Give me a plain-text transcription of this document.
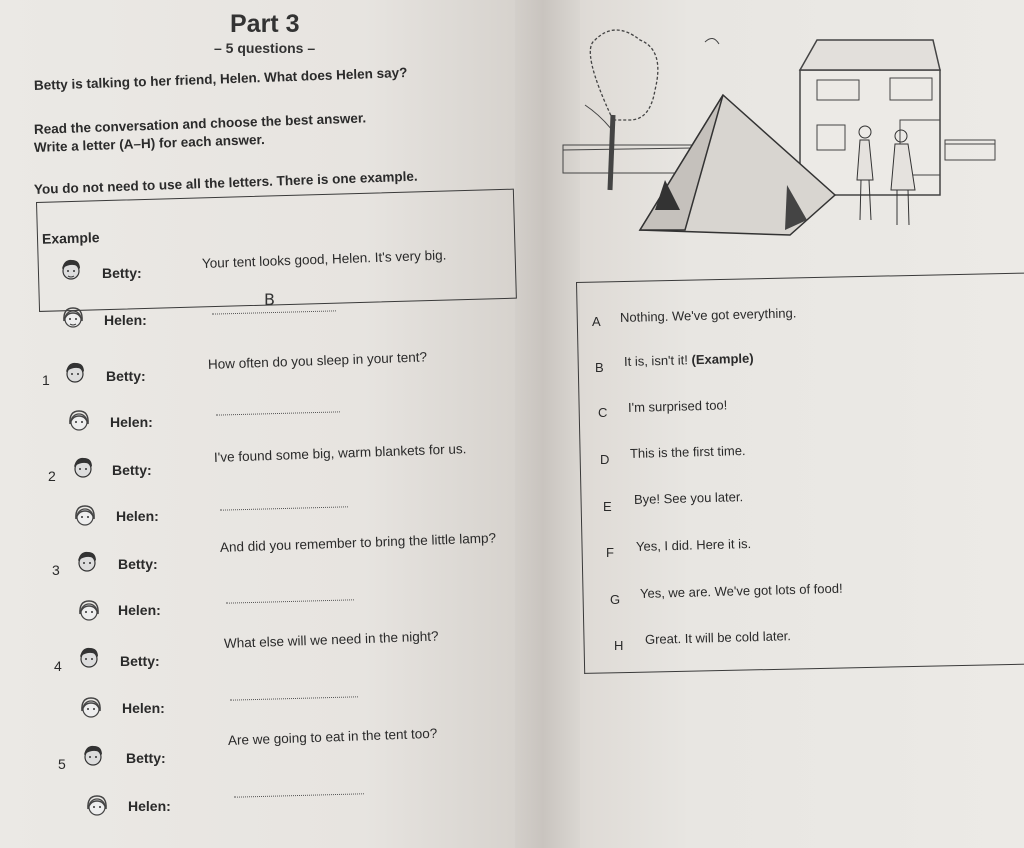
Part 3
– 5 questions –
Betty is talking to her friend, Helen. What does Helen say?
Read the conversation and choose the best answer.
Write a letter (A–H) for each answer.
You do not need to use all the letters. There is one example.
Example
Betty:
Your tent looks good, Helen. It's very big.
Helen:
B
1	Betty:
How often do you sleep in your tent?
Helen:
2	Betty:
I've found some big, warm blankets for us.
Helen:
3	Betty:
And did you remember to bring the little lamp?
Helen:
4	Betty:
What else will we need in the night?
Helen:
5	Betty:
Are we going to eat in the tent too?
Helen:
A Nothing. We've got everything.
B It is, isn't it! (Example)
C I'm surprised too!
D This is the first time.
E Bye! See you later.
F Yes, I did. Here it is.
G Yes, we are. We've got lots of food!
H Great. It will be cold later.
